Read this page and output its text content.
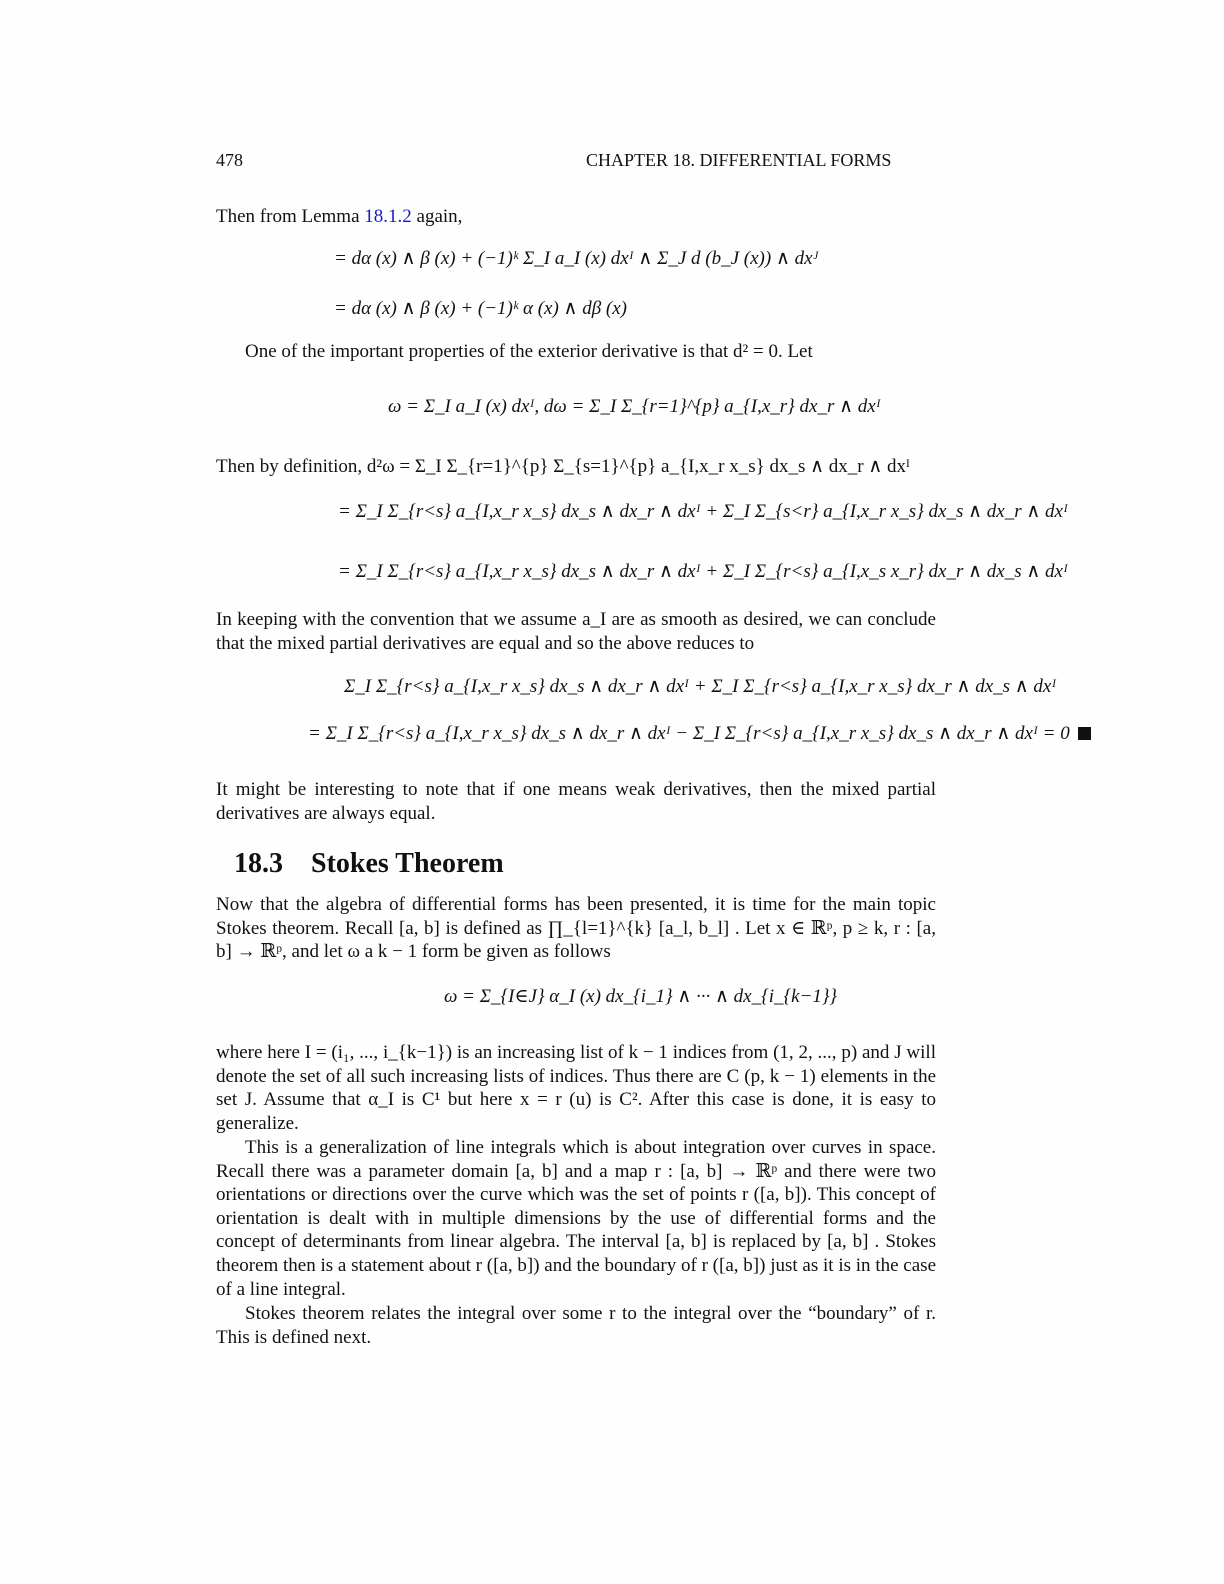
478	CHAPTER 18. DIFFERENTIAL FORMS
Then from Lemma 18.1.2 again,
= dα (x) ∧ β (x) + (−1)ᵏ Σ_I a_I (x) dxᴵ ∧ Σ_J d (b_J (x)) ∧ dxᴶ
= dα (x) ∧ β (x) + (−1)ᵏ α (x) ∧ dβ (x)
One of the important properties of the exterior derivative is that d² = 0. Let
ω = Σ_I a_I (x) dxᴵ, dω = Σ_I Σ_{r=1}^{p} a_{I,x_r} dx_r ∧ dxᴵ
Then by definition, d²ω = Σ_I Σ_{r=1}^{p} Σ_{s=1}^{p} a_{I,x_r x_s} dx_s ∧ dx_r ∧ dxᴵ
= Σ_I Σ_{r<s} a_{I,x_r x_s} dx_s ∧ dx_r ∧ dxᴵ + Σ_I Σ_{s<r} a_{I,x_r x_s} dx_s ∧ dx_r ∧ dxᴵ
= Σ_I Σ_{r<s} a_{I,x_r x_s} dx_s ∧ dx_r ∧ dxᴵ + Σ_I Σ_{r<s} a_{I,x_s x_r} dx_r ∧ dx_s ∧ dxᴵ

In keeping with the convention that we assume a_I are as smooth as desired, we can conclude that the mixed partial derivatives are equal and so the above reduces to

Σ_I Σ_{r<s} a_{I,x_r x_s} dx_s ∧ dx_r ∧ dxᴵ + Σ_I Σ_{r<s} a_{I,x_r x_s} dx_r ∧ dx_s ∧ dxᴵ
= Σ_I Σ_{r<s} a_{I,x_r x_s} dx_s ∧ dx_r ∧ dxᴵ − Σ_I Σ_{r<s} a_{I,x_r x_s} dx_s ∧ dx_r ∧ dxᴵ = 0

It might be interesting to note that if one means weak derivatives, then the mixed partial derivatives are always equal.

18.3 Stokes Theorem

Now that the algebra of differential forms has been presented, it is time for the main topic Stokes theorem. Recall [a, b] is defined as ∏_{l=1}^{k} [a_l, b_l] . Let x ∈ ℝᵖ, p ≥ k, r : [a, b] → ℝᵖ, and let ω a k − 1 form be given as follows

ω = Σ_{I∈J} α_I (x) dx_{i_1} ∧ ··· ∧ dx_{i_{k−1}}

where here I = (i₁, ..., i_{k−1}) is an increasing list of k − 1 indices from (1, 2, ..., p) and J will denote the set of all such increasing lists of indices. Thus there are C (p, k − 1) elements in the set J. Assume that α_I is C¹ but here x = r (u) is C². After this case is done, it is easy to generalize.

This is a generalization of line integrals which is about integration over curves in space. Recall there was a parameter domain [a, b] and a map r : [a, b] → ℝᵖ and there were two orientations or directions over the curve which was the set of points r ([a, b]). This concept of orientation is dealt with in multiple dimensions by the use of differential forms and the concept of determinants from linear algebra. The interval [a, b] is replaced by [a, b] . Stokes theorem then is a statement about r ([a, b]) and the boundary of r ([a, b]) just as it is in the case of a line integral.

Stokes theorem relates the integral over some r to the integral over the “boundary” of r. This is defined next.
